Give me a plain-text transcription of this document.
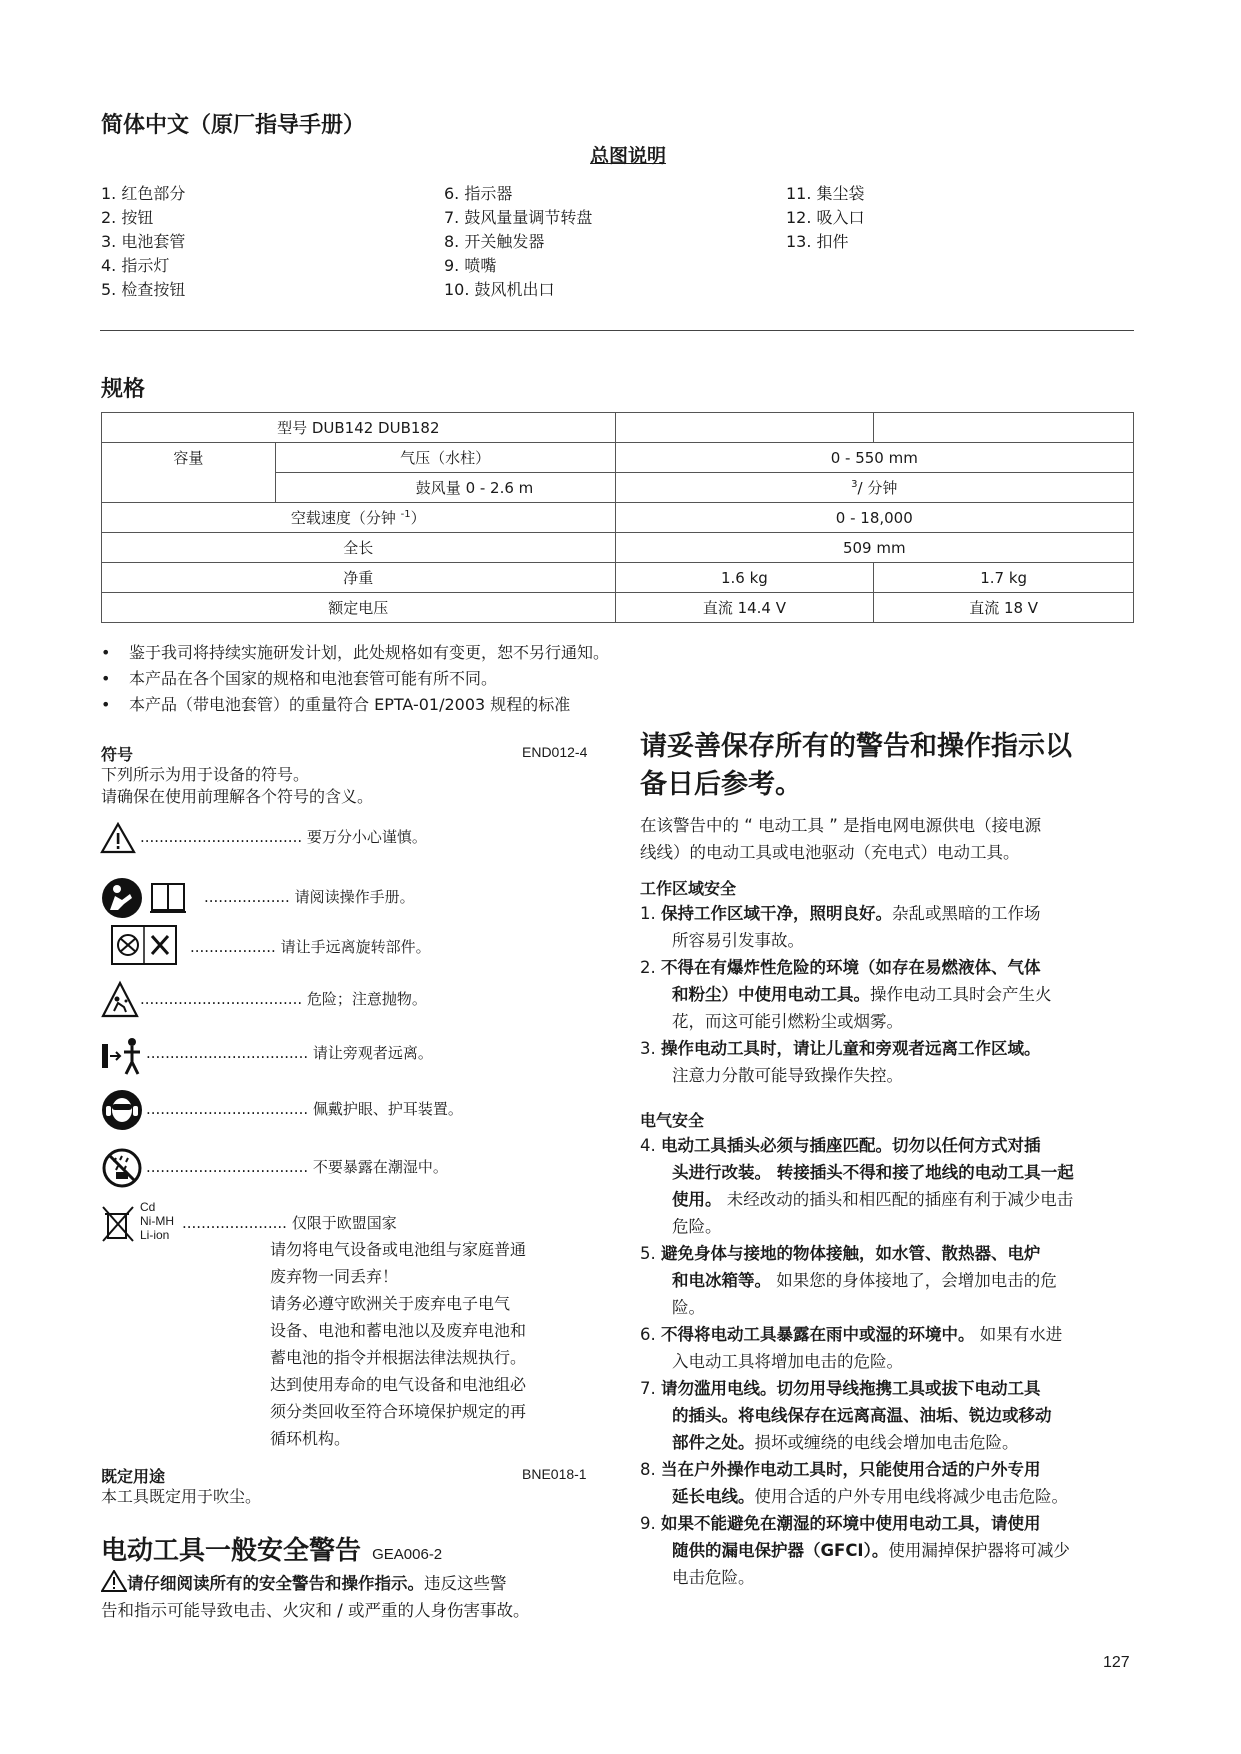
简体中文（原厂指导手册）
总图说明
1. 红色部分
2. 按钮
3. 电池套管
4. 指示灯
5. 检查按钮
6. 指示器
7. 鼓风量量调节转盘
8. 开关触发器
9. 喷嘴
10. 鼓风机出口
11. 集尘袋
12. 吸入口
13. 扣件
规格
型号 DUB142 DUB182			
容量	气压（水柱）	0 - 550 mm	
	鼓风量 0 - 2.6 m	$^3$/ 分钟	
空载速度（分钟 $^{-1}$）		0 - 18,000	
全长		509 mm	
净重		1.6 kg	1.7 kg
额定电压		直流 14.4 V	直流 18 V
• 鉴于我司将持续实施研发计划，此处规格如有变更，恕不另行通知。
• 本产品在各个国家的规格和电池套管可能有所不同。
• 本产品（带电池套管）的重量符合 EPTA-01/2003 规程的标准
符号	END012-4
下列所示为用于设备的符号。
请确保在使用前理解各个符号的含义。
.................................. 要万分小心谨慎。
.................. 请阅读操作手册。
.................. 请让手远离旋转部件。
.................................. 危险；注意抛物。
.................................. 请让旁观者远离。
.................................. 佩戴护眼、护耳装置。
.................................. 不要暴露在潮湿中。
Cd
Ni-MH
Li-ion
...................... 仅限于欧盟国家
请勿将电气设备或电池组与家庭普通
废弃物一同丢弃！
请务必遵守欧洲关于废弃电子电气
设备、电池和蓄电池以及废弃电池和
蓄电池的指令并根据法律法规执行。
达到使用寿命的电气设备和电池组必
须分类回收至符合环境保护规定的再
循环机构。
既定用途	BNE018-1
本工具既定用于吹尘。
电动工具一般安全警告 GEA006-2
请仔细阅读所有的安全警告和操作指示。违反这些警
告和指示可能导致电击、火灾和 / 或严重的人身伤害事故。
请妥善保存所有的警告和操作指示以
备日后参考。
在该警告中的 “ 电动工具 ” 是指电网电源供电（接电源
线线）的电动工具或电池驱动（充电式）电动工具。
工作区域安全
1. 保持工作区域干净，照明良好。杂乱或黑暗的工作场
所容易引发事故。
2. 不得在有爆炸性危险的环境（如存在易燃液体、气体
和粉尘）中使用电动工具。操作电动工具时会产生火
花，而这可能引燃粉尘或烟雾。
3. 操作电动工具时，请让儿童和旁观者远离工作区域。
注意力分散可能导致操作失控。
电气安全
4. 电动工具插头必须与插座匹配。切勿以任何方式对插
头进行改装。 转接插头不得和接了地线的电动工具一起
使用。 未经改动的插头和相匹配的插座有利于减少电击
危险。
5. 避免身体与接地的物体接触，如水管、散热器、电炉
和电冰箱等。 如果您的身体接地了，会增加电击的危
险。
6. 不得将电动工具暴露在雨中或湿的环境中。 如果有水进
入电动工具将增加电击的危险。
7. 请勿滥用电线。切勿用导线拖携工具或拔下电动工具
的插头。将电线保存在远离高温、油垢、锐边或移动
部件之处。损坏或缠绕的电线会增加电击危险。
8. 当在户外操作电动工具时，只能使用合适的户外专用
延长电线。使用合适的户外专用电线将减少电击危险。
9. 如果不能避免在潮湿的环境中使用电动工具，请使用
随供的漏电保护器（GFCI）。使用漏掉保护器将可减少
电击危险。
127
